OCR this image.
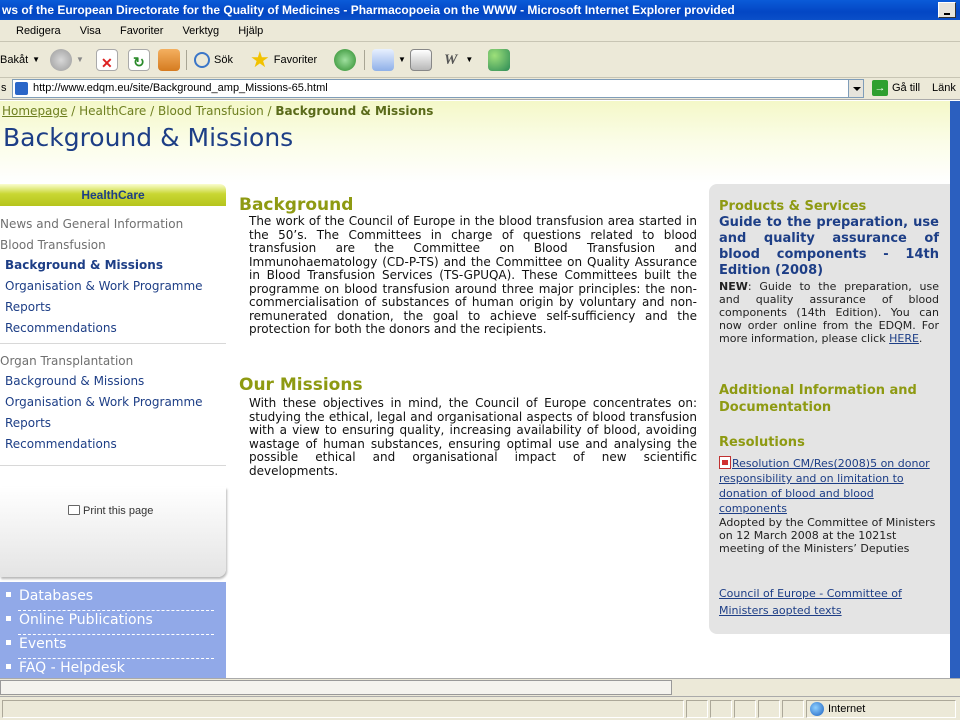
ws of the European Directorate for the Quality of Medicines - Pharmacopoeia on the WWW - Microsoft Internet Explorer provided
Redigera Visa Favoriter Verktyg Hjälp
Bakåt ▼	▼ ✕ ↻	Sök ★ Favoriter	▼	W ▼
s	http://www.edqm.eu/site/Background_amp_Missions-65.html	→ Gå till Länk
Homepage / HealthCare / Blood Transfusion / Background & Missions
Background & Missions
HealthCare
News and General Information
Blood Transfusion
Background & Missions
Organisation & Work Programme
Reports
Recommendations
Organ Transplantation
Background & Missions
Organisation & Work Programme
Reports
Recommendations
Print this page
Databases
Online Publications
Events
FAQ - Helpdesk
Background
The work of the Council of Europe in the blood transfusion area started in the 50’s. The Committees in charge of questions related to blood transfusion are the Committee on Blood Transfusion and Immunohaematology (CD-P-TS) and the Committee on Quality Assurance in Blood Transfusion Services (TS-GPUQA). These Committees built the programme on blood transfusion around three major principles: the non-commercialisation of substances of human origin by voluntary and non-remunerated donation, the goal to achieve self-sufficiency and the protection for both the donors and the recipients.
Our Missions
With these objectives in mind, the Council of Europe concentrates on: studying the ethical, legal and organisational aspects of blood transfusion with a view to ensuring quality, increasing availability of blood, avoiding wastage of human substances, ensuring optimal use and analysing the possible ethical and organisational impact of new scientific developments.
Products & Services
Guide to the preparation, use and quality assurance of blood components - 14th Edition (2008)
NEW: Guide to the preparation, use and quality assurance of blood components (14th Edition). You can now order online from the EDQM. For more information, please click HERE.
Additional Information and Documentation
Resolutions
Resolution CM/Res(2008)5 on donor responsibility and on limitation to donation of blood and blood components
Adopted by the Committee of Ministers on 12 March 2008 at the 1021st meeting of the Ministers’ Deputies
Council of Europe - Committee of Ministers aopted texts
Internet
